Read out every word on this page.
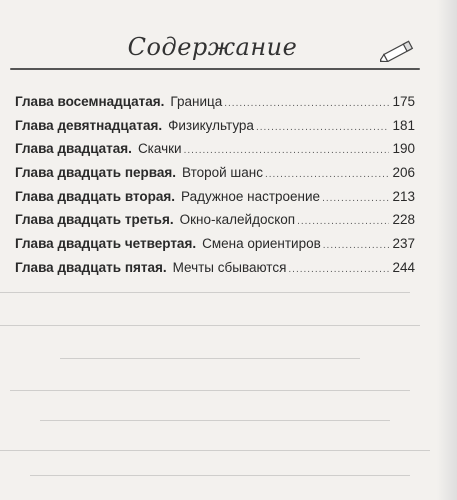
Содержание
Глава восемнадцатая. Граница .....	175
Глава девятнадцатая. Физикультура .....	181
Глава двадцатая. Скачки .....	190
Глава двадцать первая. Второй шанс .....	206
Глава двадцать вторая. Радужное настроение .....	213
Глава двадцать третья. Окно-калейдоскоп .....	228
Глава двадцать четвертая. Смена ориентиров .....	237
Глава двадцать пятая. Мечты сбываются .....	244
